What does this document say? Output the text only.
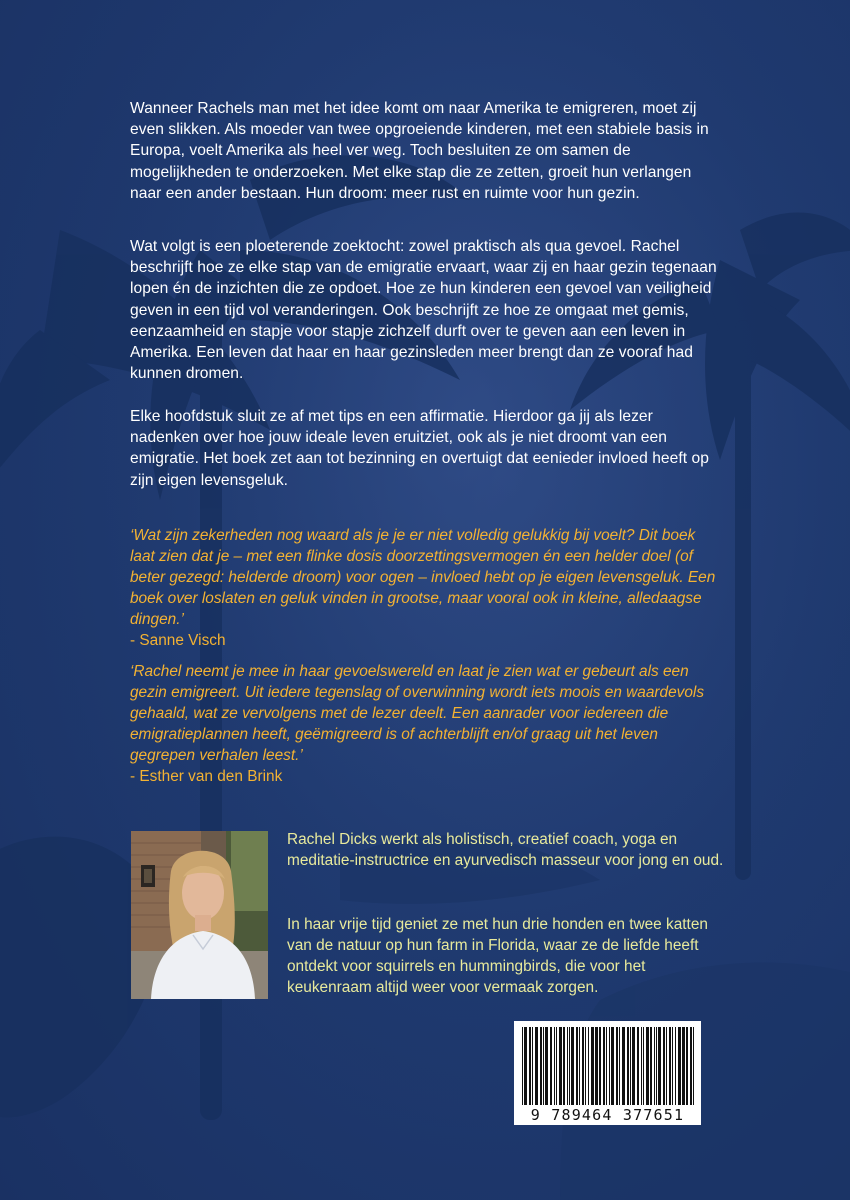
Wanneer Rachels man met het idee komt om naar Amerika te emigreren, moet zij even slikken. Als moeder van twee opgroeiende kinderen, met een stabiele basis in Europa, voelt Amerika als heel ver weg. Toch besluiten ze om samen de mogelijkheden te onderzoeken. Met elke stap die ze zetten, groeit hun verlangen naar een ander bestaan. Hun droom: meer rust en ruimte voor hun gezin.

Wat volgt is een ploeterende zoektocht: zowel praktisch als qua gevoel. Rachel beschrijft hoe ze elke stap van de emigratie ervaart, waar zij en haar gezin tegenaan lopen én de inzichten die ze opdoet. Hoe ze hun kinderen een gevoel van veiligheid geven in een tijd vol veranderingen. Ook beschrijft ze hoe ze omgaat met gemis, eenzaamheid en stapje voor stapje zichzelf durft over te geven aan een leven in Amerika. Een leven dat haar en haar gezinsleden meer brengt dan ze vooraf had kunnen dromen.

Elke hoofdstuk sluit ze af met tips en een affirmatie. Hierdoor ga jij als lezer nadenken over hoe jouw ideale leven eruitziet, ook als je niet droomt van een emigratie. Het boek zet aan tot bezinning en overtuigt dat eenieder invloed heeft op zijn eigen levensgeluk.

‘Wat zijn zekerheden nog waard als je je er niet volledig gelukkig bij voelt? Dit boek laat zien dat je – met een flinke dosis doorzettingsvermogen én een helder doel (of beter gezegd: helderde droom) voor ogen – invloed hebt op je eigen levensgeluk. Een boek over loslaten en geluk vinden in grootse, maar vooral ook in kleine, alledaagse dingen.’
- Sanne Visch
‘Rachel neemt je mee in haar gevoelswereld en laat je zien wat er gebeurt als een gezin emigreert. Uit iedere tegenslag of overwinning wordt iets moois en waardevols gehaald, wat ze vervolgens met de lezer deelt. Een aanrader voor iedereen die emigratieplannen heeft, geëmigreerd is of achterblijft en/of graag uit het leven gegrepen verhalen leest.’
- Esther van den Brink

Rachel Dicks werkt als holistisch, creatief coach, yoga en meditatie-instructrice en ayurvedisch masseur voor jong en oud.

In haar vrije tijd geniet ze met hun drie honden en twee katten van de natuur op hun farm in Florida, waar ze de liefde heeft ontdekt voor squirrels en hummingbirds, die voor het keukenraam altijd weer voor vermaak zorgen.

9 789464 377651
